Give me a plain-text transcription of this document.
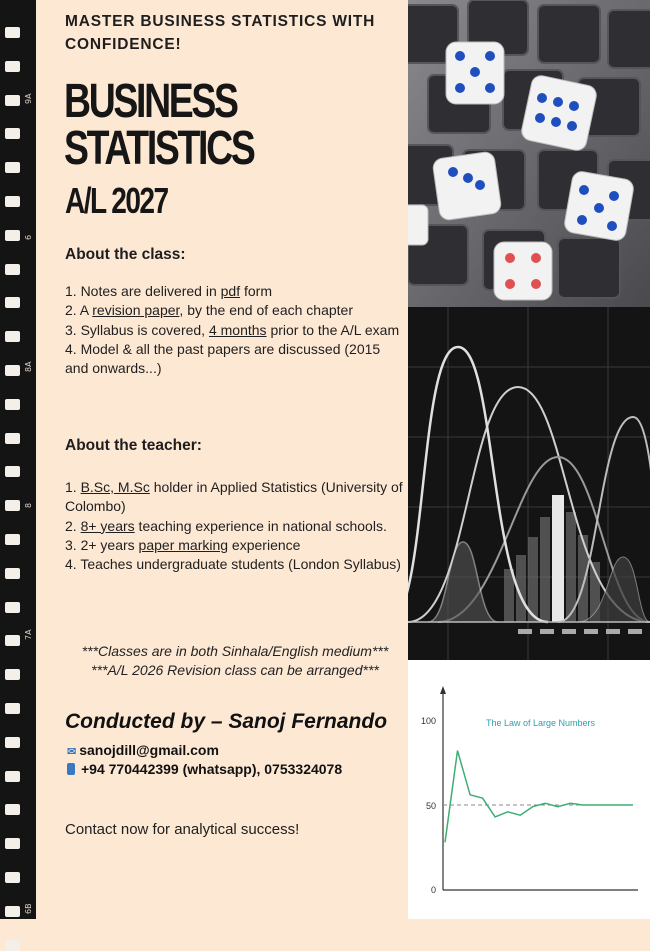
9A
6
8A
8
7A
6B
MASTER BUSINESS STATISTICS WITH CONFIDENCE!
BUSINESS
STATISTICS
A/L 2027
About the class:
1. Notes are delivered in pdf form
2. A revision paper, by the end of each chapter
3. Syllabus is covered, 4 months prior to the A/L exam
4. Model & all the past papers are discussed (2015 and onwards...)
About the teacher:
1. B.Sc, M.Sc holder in Applied Statistics (University of Colombo)
2. 8+ years teaching experience in national schools.
3. 2+ years paper marking experience
4. Teaches undergraduate students (London Syllabus)
***Classes are in both Sinhala/English medium***
***A/L 2026 Revision class can be arranged***
Conducted by – Sanoj Fernando
✉ sanojdill@gmail.com
+94 770442399 (whatsapp), 0753324078
Contact now for analytical success!
The Law of Large Numbers
100
50
0
